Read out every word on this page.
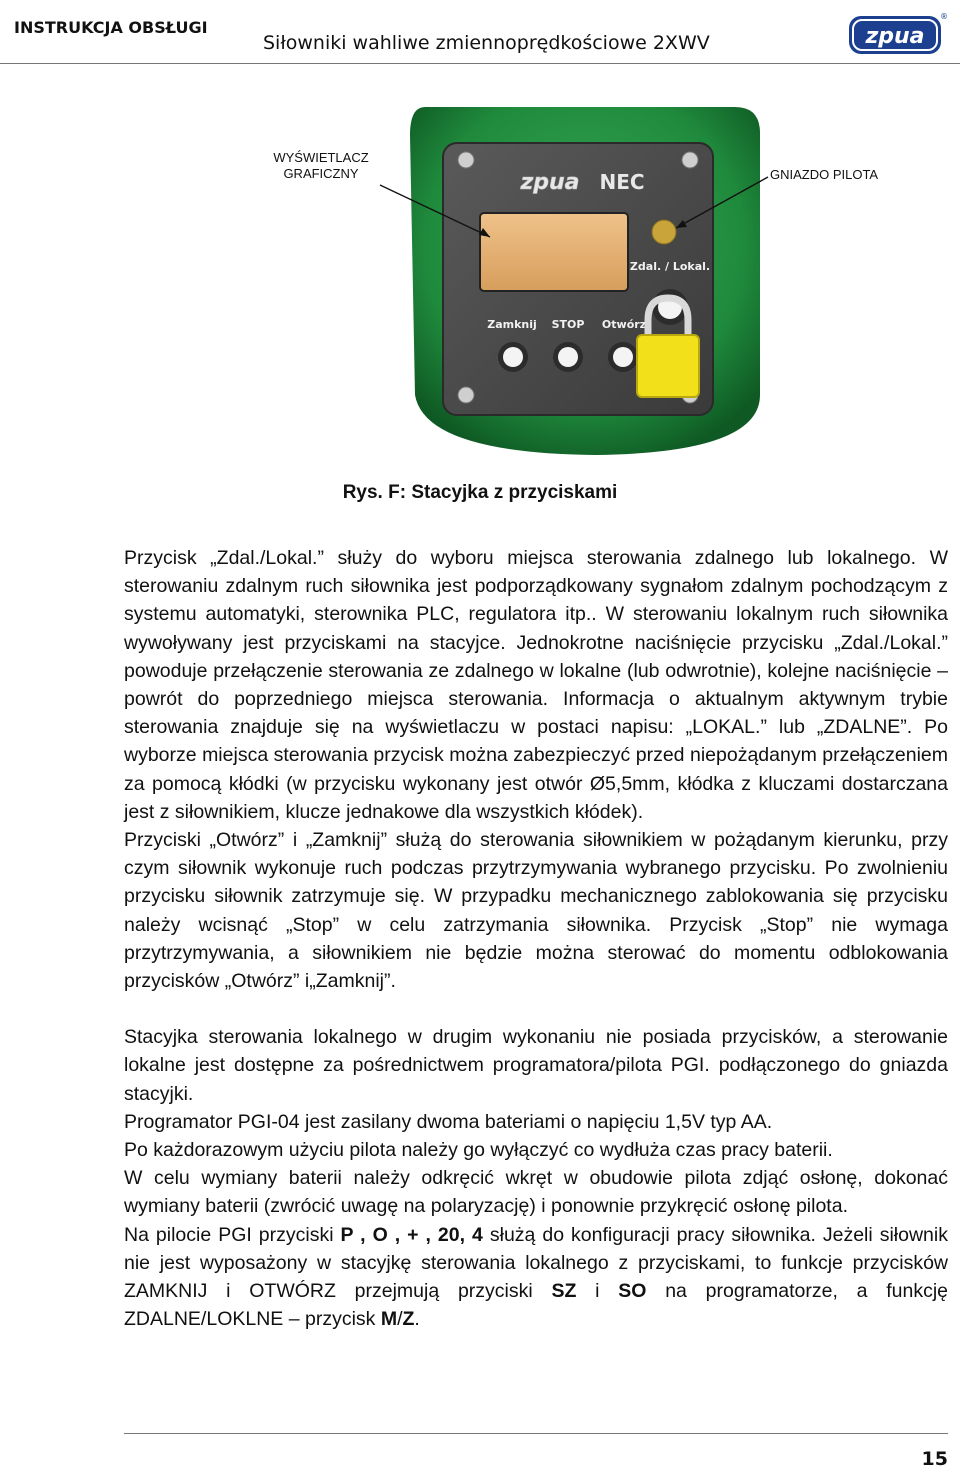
INSTRUKCJA OBSŁUGI
Siłowniki wahliwe zmiennoprędkościowe 2XWV	zpua
®
WYŚWIETLACZ
GRAFICZNY	GNIAZDO PILOTA
zpua NEC
Zdal. / Lokal.
Zamknij STOP Otwórz
Rys. F: Stacyjka z przyciskami

Przycisk „Zdal./Lokal.” służy do wyboru miejsca sterowania zdalnego lub lokalnego. W sterowaniu zdalnym ruch siłownika jest podporządkowany sygnałom zdalnym pochodzącym z systemu automatyki, sterownika PLC, regulatora itp.. W sterowaniu lokalnym ruch siłownika wywoływany jest przyciskami na stacyjce. Jednokrotne naciśnięcie przycisku „Zdal./Lokal.” powoduje przełączenie sterowania ze zdalnego w lokalne (lub odwrotnie), kolejne naciśnięcie – powrót do poprzedniego miejsca sterowania. Informacja o aktualnym aktywnym trybie sterowania znajduje się na wyświetlaczu w postaci napisu: „LOKAL.” lub „ZDALNE”. Po wyborze miejsca sterowania przycisk można zabezpieczyć przed niepożądanym przełączeniem za pomocą kłódki (w przycisku wykonany jest otwór Ø5,5mm, kłódka z kluczami dostarczana jest z siłownikiem, klucze jednakowe dla wszystkich kłódek).

Przyciski „Otwórz” i „Zamknij” służą do sterowania siłownikiem w pożądanym kierunku, przy czym siłownik wykonuje ruch podczas przytrzymywania wybranego przycisku. Po zwolnieniu przycisku siłownik zatrzymuje się. W przypadku mechanicznego zablokowania się przycisku należy wcisnąć „Stop” w celu zatrzymania siłownika. Przycisk „Stop” nie wymaga przytrzymywania, a siłownikiem nie będzie można sterować do momentu odblokowania przycisków „Otwórz” i„Zamknij”.

Stacyjka sterowania lokalnego w drugim wykonaniu nie posiada przycisków, a sterowanie lokalne jest dostępne za pośrednictwem programatora/pilota PGI. podłączonego do gniazda stacyjki.

Programator PGI-04 jest zasilany dwoma bateriami o napięciu 1,5V typ AA.

Po każdorazowym użyciu pilota należy go wyłączyć co wydłuża czas pracy baterii.

W celu wymiany baterii należy odkręcić wkręt w obudowie pilota zdjąć osłonę, dokonać wymiany baterii (zwrócić uwagę na polaryzację) i ponownie przykręcić osłonę pilota.

Na pilocie PGI przyciski P , O , + , 20, 4 służą do konfiguracji pracy siłownika. Jeżeli siłownik nie jest wyposażony w stacyjkę sterowania lokalnego z przyciskami, to funkcje przycisków ZAMKNIJ i OTWÓRZ przejmują przyciski SZ i SO na programatorze, a funkcję ZDALNE/LOKLNE – przycisk M/Z.

15
